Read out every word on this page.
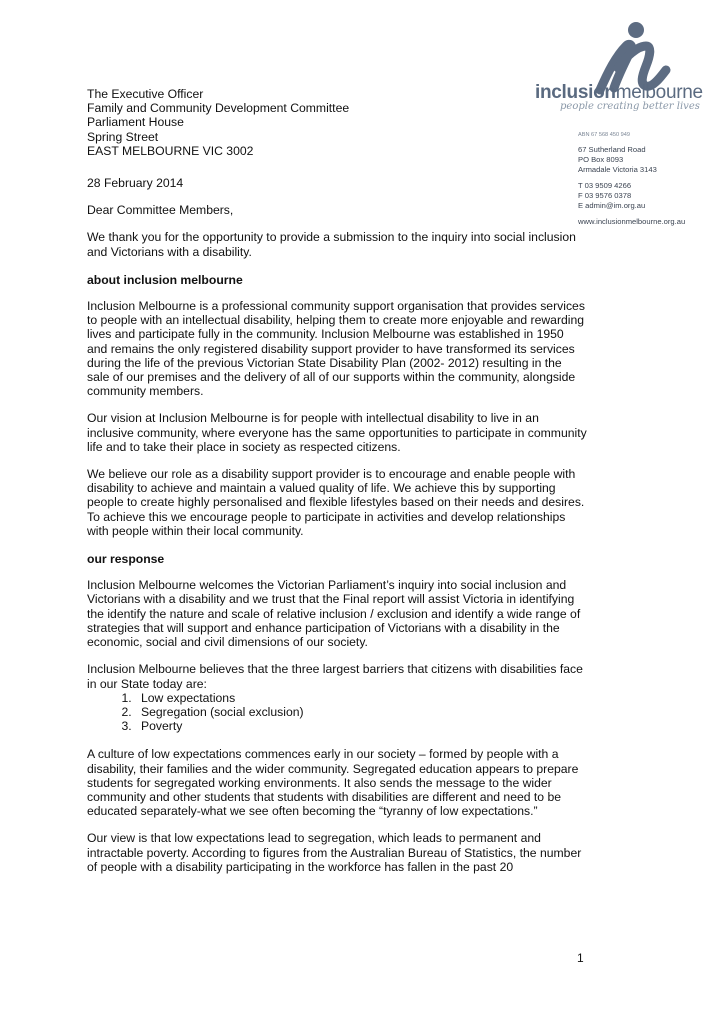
inclusionmelbourne
people creating better lives
ABN 67 568 450 949
67 Sutherland Road
PO Box 8093
Armadale Victoria 3143
T 03 9509 4266
F 03 9576 0378
E admin@im.org.au
www.inclusionmelbourne.org.au
The Executive Officer
Family and Community Development Committee
Parliament House
Spring Street
EAST MELBOURNE VIC 3002

28 February 2014

Dear Committee Members,

We thank you for the opportunity to provide a submission to the inquiry into social inclusion and Victorians with a disability.

about inclusion melbourne

Inclusion Melbourne is a professional community support organisation that provides services to people with an intellectual disability, helping them to create more enjoyable and rewarding lives and participate fully in the community. Inclusion Melbourne was established in 1950 and remains the only registered disability support provider to have transformed its services during the life of the previous Victorian State Disability Plan (2002- 2012) resulting in the sale of our premises and the delivery of all of our supports within the community, alongside community members.

Our vision at Inclusion Melbourne is for people with intellectual disability to live in an inclusive community, where everyone has the same opportunities to participate in community life and to take their place in society as respected citizens.

We believe our role as a disability support provider is to encourage and enable people with disability to achieve and maintain a valued quality of life. We achieve this by supporting people to create highly personalised and flexible lifestyles based on their needs and desires. To achieve this we encourage people to participate in activities and develop relationships with people within their local community.

our response

Inclusion Melbourne welcomes the Victorian Parliament’s inquiry into social inclusion and Victorians with a disability and we trust that the Final report will assist Victoria in identifying the identify the nature and scale of relative inclusion / exclusion and identify a wide range of strategies that will support and enhance participation of Victorians with a disability in the economic, social and civil dimensions of our society.

Inclusion Melbourne believes that the three largest barriers that citizens with disabilities face in our State today are:

1. Low expectations
2. Segregation (social exclusion)
3. Poverty

A culture of low expectations commences early in our society – formed by people with a disability, their families and the wider community. Segregated education appears to prepare students for segregated working environments. It also sends the message to the wider community and other students that students with disabilities are different and need to be educated separately-what we see often becoming the “tyranny of low expectations.”

Our view is that low expectations lead to segregation, which leads to permanent and intractable poverty. According to figures from the Australian Bureau of Statistics, the number of people with a disability participating in the workforce has fallen in the past 20

1
